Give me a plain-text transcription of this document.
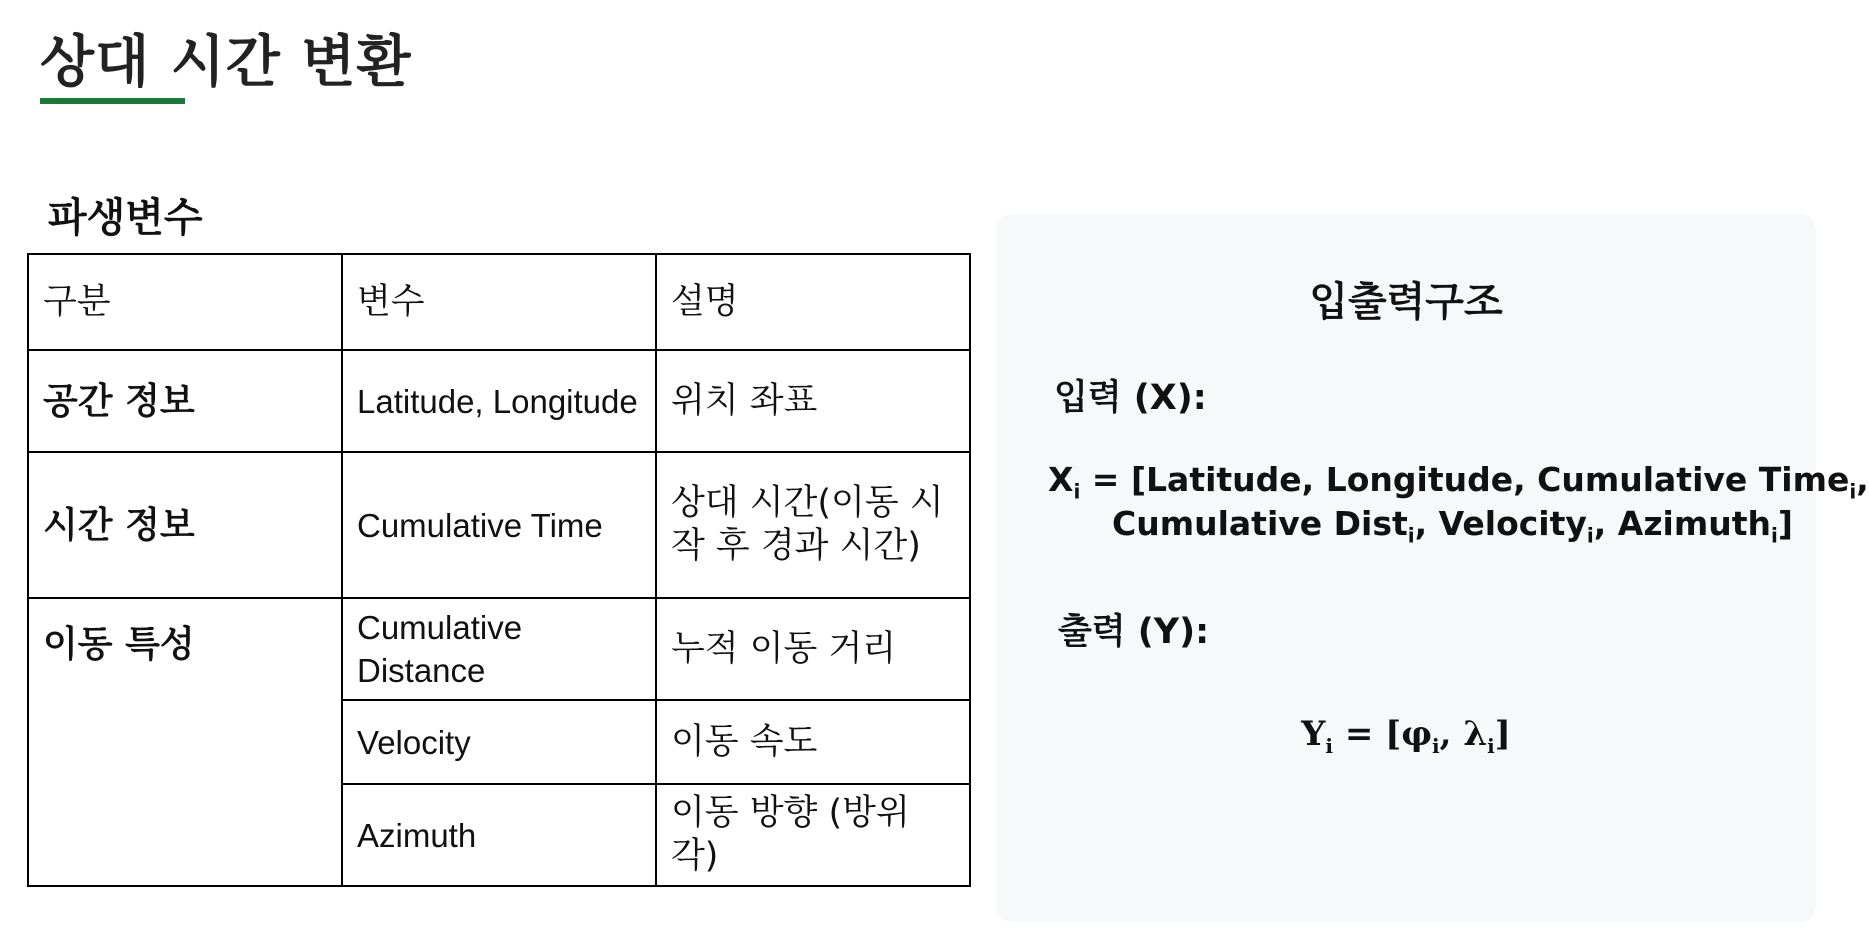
상대 시간 변환
파생변수
구분	변수	설명
공간 정보	Latitude, Longitude	위치 좌표
시간 정보	Cumulative Time	상대 시간(이동 시작 후 경과 시간)
이동 특성	Cumulative Distance	누적 이동 거리
	Velocity	이동 속도
	Azimuth	이동 방향 (방위각)
입출력구조
입력 (X):
$X_i$ = [Latitude, Longitude, Cumulative Time$_i$,
Cumulative Dist$_i$, Velocity$_i$, Azimuth$_i$]
출력 (Y):
$Y_i = [\varphi_i$, $\lambda_i$]
